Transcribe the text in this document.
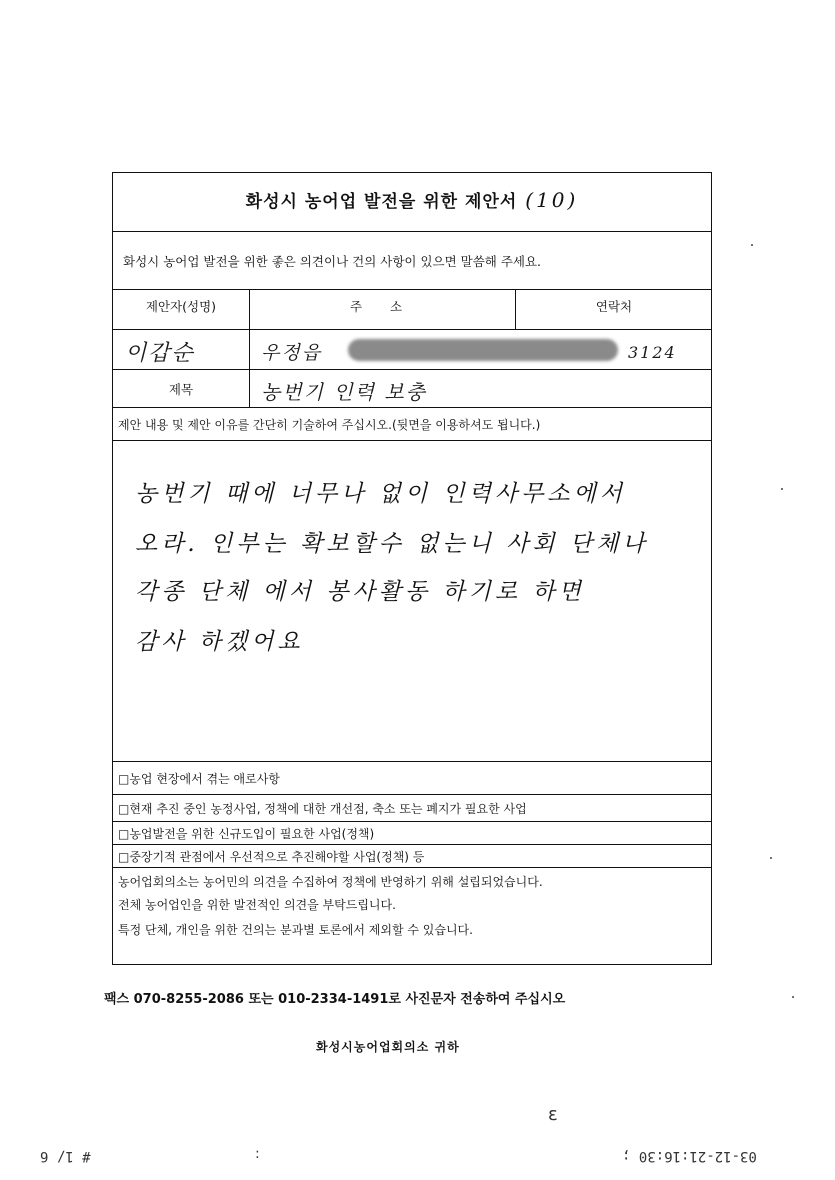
화성시 농어업 발전을 위한 제안서 (10)
화성시 농어업 발전을 위한 좋은 의견이나 건의 사항이 있으면 말씀해 주세요.
제안자(성명)	주 소	연락처
이갑순	우정읍	3124
제목	농번기 인력 보충
제안 내용 및 제안 이유를 간단히 기술하여 주십시오.(뒷면을 이용하셔도 됩니다.)
농번기 때에 너무나 없이 인력사무소에서
오라. 인부는 확보할수 없는니 사회 단체나
각종 단체 에서 봉사활동 하기로 하면
감사 하겠어요
□농업 현장에서 겪는 애로사항
□현재 추진 중인 농정사업, 정책에 대한 개선점, 축소 또는 폐지가 필요한 사업
□농업발전을 위한 신규도입이 필요한 사업(정책)
□중장기적 관점에서 우선적으로 추진해야할 사업(정책) 등
농어업회의소는 농어민의 의견을 수집하여 정책에 반영하기 위해 설립되었습니다.
전체 농어업인을 위한 발전적인 의견을 부탁드립니다.
특정 단체, 개인을 위한 건의는 분과별 토론에서 제외할 수 있습니다.
팩스 070-8255-2086 또는 010-2334-1491로 사진문자 전송하여 주십시오
화성시농어업회의소 귀하
ɛ
:
# 1/ 6	03-12-21:16:30 ;
